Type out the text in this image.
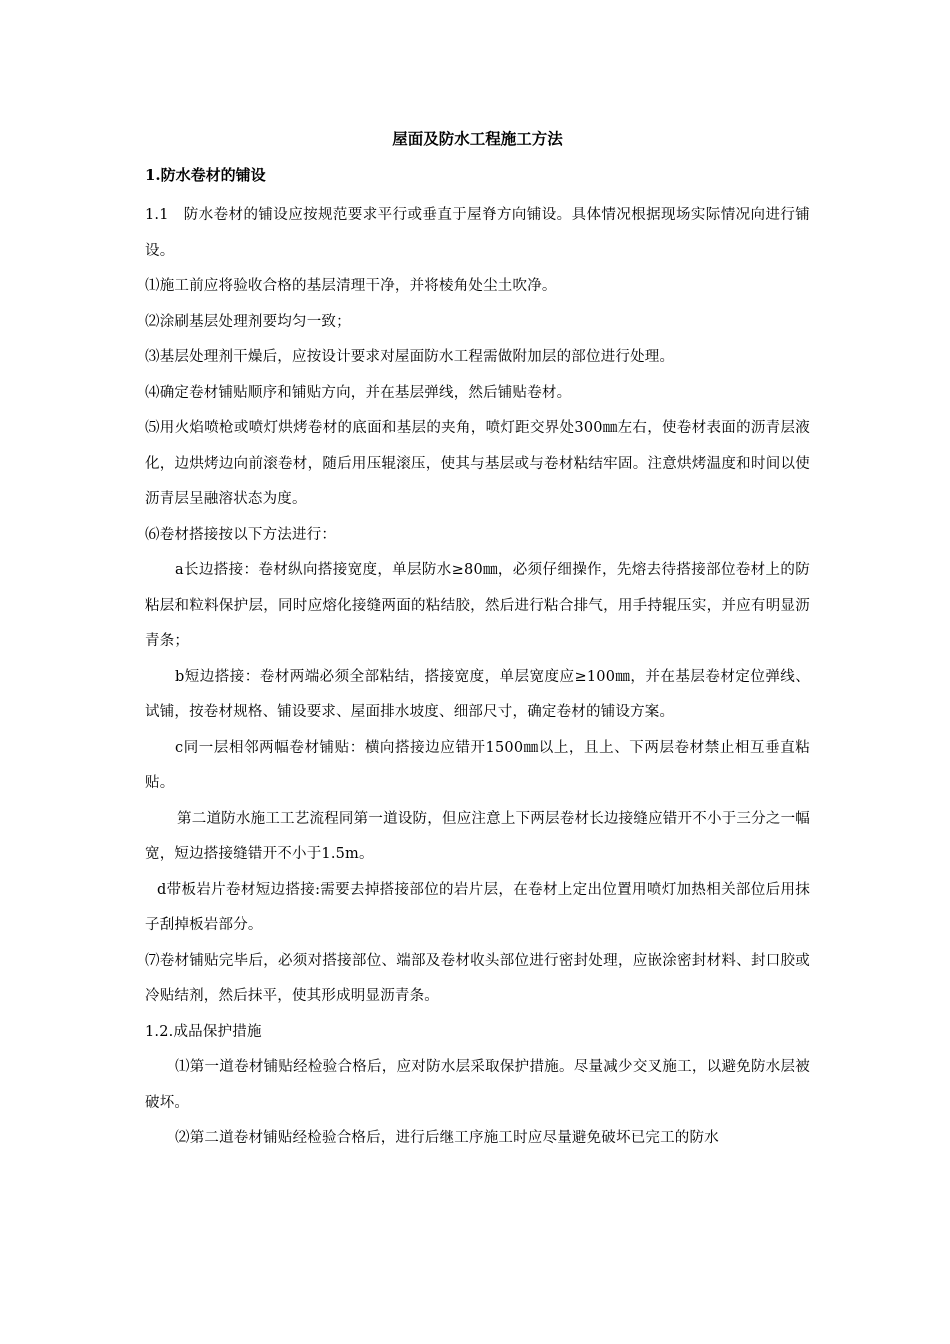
屋面及防水工程施工方法
1.防水卷材的铺设

1.1　防水卷材的铺设应按规范要求平行或垂直于屋脊方向铺设。具体情况根据现场实际情况向进行铺设。

⑴施工前应将验收合格的基层清理干净，并将棱角处尘土吹净。

⑵涂刷基层处理剂要均匀一致；

⑶基层处理剂干燥后，应按设计要求对屋面防水工程需做附加层的部位进行处理。

⑷确定卷材铺贴顺序和铺贴方向，并在基层弹线，然后铺贴卷材。

⑸用火焰喷枪或喷灯烘烤卷材的底面和基层的夹角，喷灯距交界处300㎜左右，使卷材表面的沥青层液化，边烘烤边向前滚卷材，随后用压辊滚压，使其与基层或与卷材粘结牢固。注意烘烤温度和时间以使沥青层呈融溶状态为度。

⑹卷材搭接按以下方法进行：

a长边搭接：卷材纵向搭接宽度，单层防水≥80㎜，必须仔细操作，先熔去待搭接部位卷材上的防粘层和粒料保护层，同时应熔化接缝两面的粘结胶，然后进行粘合排气，用手持辊压实，并应有明显沥青条；

b短边搭接：卷材两端必须全部粘结，搭接宽度，单层宽度应≥100㎜，并在基层卷材定位弹线、试铺，按卷材规格、铺设要求、屋面排水坡度、细部尺寸，确定卷材的铺设方案。

c同一层相邻两幅卷材铺贴：横向搭接边应错开1500㎜以上，且上、下两层卷材禁止相互垂直粘贴。

第二道防水施工工艺流程同第一道设防，但应注意上下两层卷材长边接缝应错开不小于三分之一幅宽，短边搭接缝错开不小于1.5m。

d带板岩片卷材短边搭接:需要去掉搭接部位的岩片层，在卷材上定出位置用喷灯加热相关部位后用抹子刮掉板岩部分。

⑺卷材铺贴完毕后，必须对搭接部位、端部及卷材收头部位进行密封处理，应嵌涂密封材料、封口胶或冷贴结剂，然后抹平，使其形成明显沥青条。

1.2.成品保护措施

⑴第一道卷材铺贴经检验合格后，应对防水层采取保护措施。尽量减少交叉施工，以避免防水层被破坏。

⑵第二道卷材铺贴经检验合格后，进行后继工序施工时应尽量避免破坏已完工的防水
